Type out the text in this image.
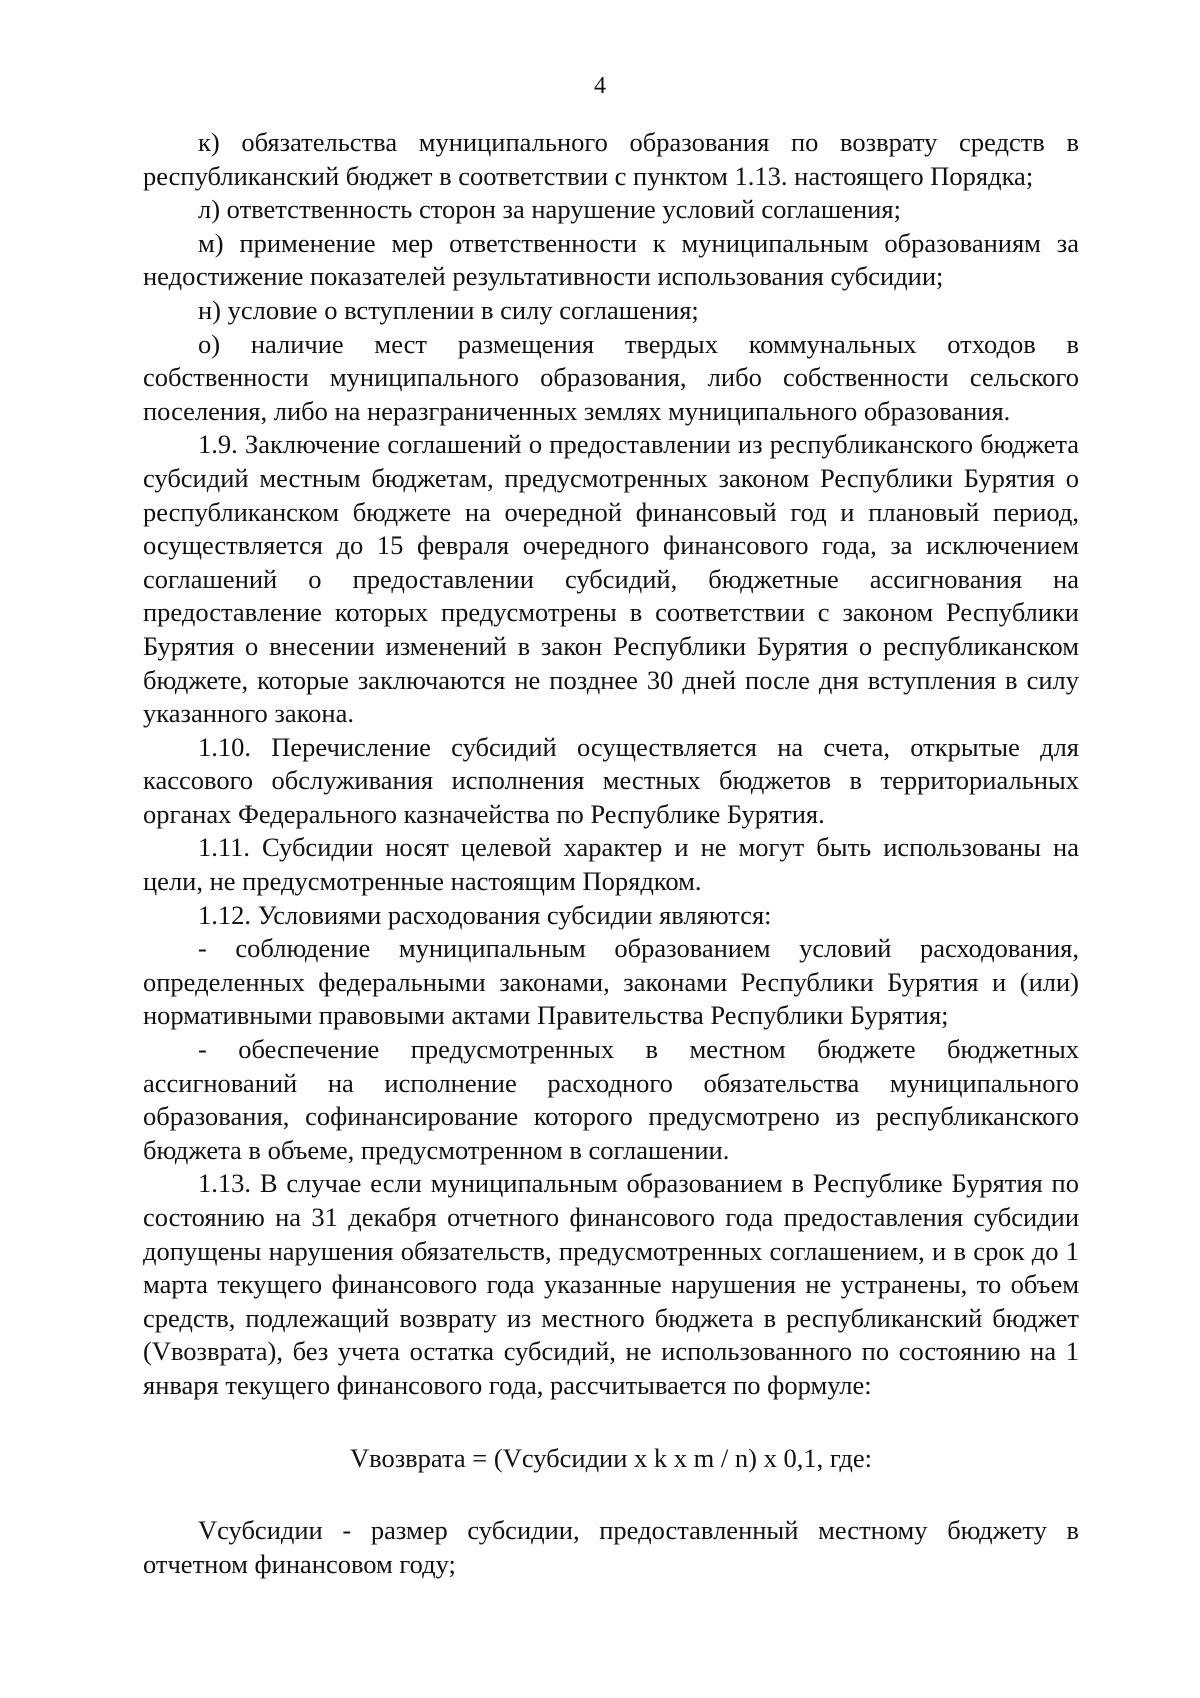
4

к) обязательства муниципального образования по возврату средств в республиканский бюджет в соответствии с пунктом 1.13. настоящего Порядка;

л) ответственность сторон за нарушение условий соглашения;

м) применение мер ответственности к муниципальным образованиям за недостижение показателей результативности использования субсидии;

н) условие о вступлении в силу соглашения;

о) наличие мест размещения твердых коммунальных отходов в собственности муниципального образования, либо собственности сельского поселения, либо на неразграниченных землях муниципального образования.

1.9. Заключение соглашений о предоставлении из республиканского бюджета субсидий местным бюджетам, предусмотренных законом Республики Бурятия о республиканском бюджете на очередной финансовый год и плановый период, осуществляется до 15 февраля очередного финансового года, за исключением соглашений о предоставлении субсидий, бюджетные ассигнования на предоставление которых предусмотрены в соответствии с законом Республики Бурятия о внесении изменений в закон Республики Бурятия о республиканском бюджете, которые заключаются не позднее 30 дней после дня вступления в силу указанного закона.

1.10. Перечисление субсидий осуществляется на счета, открытые для кассового обслуживания исполнения местных бюджетов в территориальных органах Федерального казначейства по Республике Бурятия.

1.11. Субсидии носят целевой характер и не могут быть использованы на цели, не предусмотренные настоящим Порядком.

1.12. Условиями расходования субсидии являются:

- соблюдение муниципальным образованием условий расходования, определенных федеральными законами, законами Республики Бурятия и (или) нормативными правовыми актами Правительства Республики Бурятия;

- обеспечение предусмотренных в местном бюджете бюджетных ассигнований на исполнение расходного обязательства муниципального образования, софинансирование которого предусмотрено из республиканского бюджета в объеме, предусмотренном в соглашении.

1.13. В случае если муниципальным образованием в Республике Бурятия по состоянию на 31 декабря отчетного финансового года предоставления субсидии допущены нарушения обязательств, предусмотренных соглашением, и в срок до 1 марта текущего финансового года указанные нарушения не устранены, то объем средств, подлежащий возврату из местного бюджета в республиканский бюджет (Vвозврата), без учета остатка субсидий, не использованного по состоянию на 1 января текущего финансового года, рассчитывается по формуле:

Vвозврата = (Vсубсидии x k x m / n) x 0,1, где:

Vсубсидии - размер субсидии, предоставленный местному бюджету в отчетном финансовом году;
